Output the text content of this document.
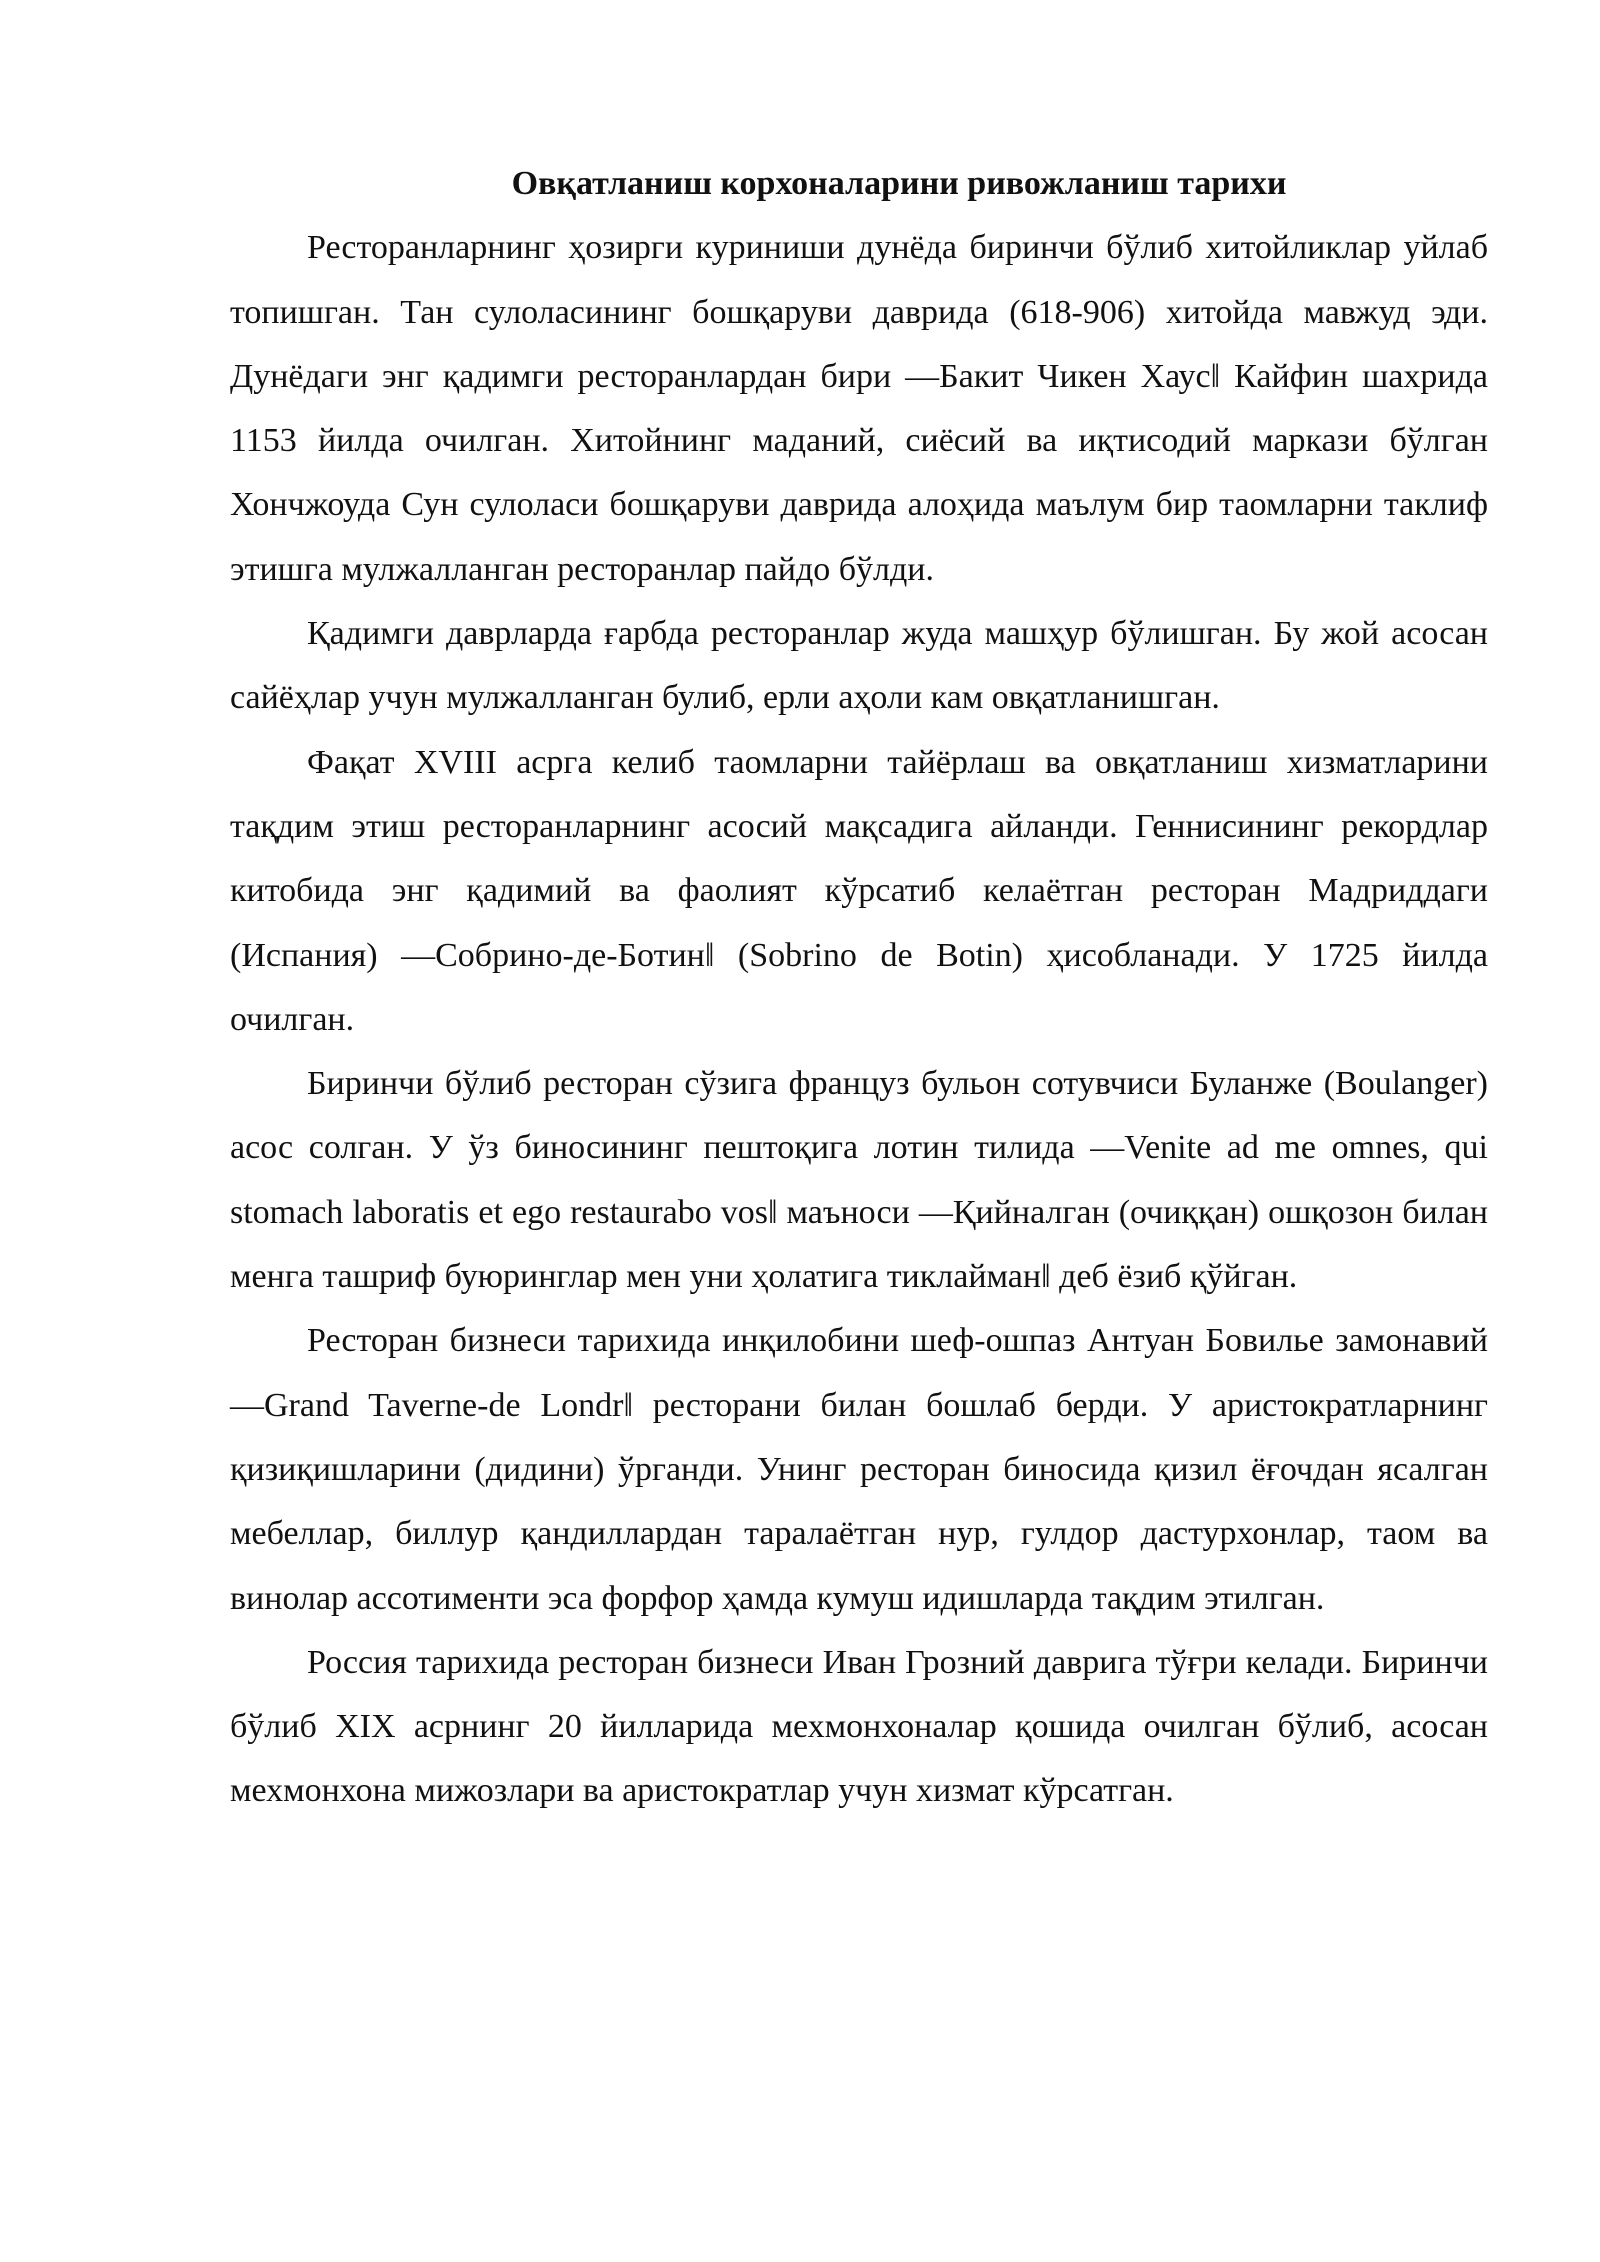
Овқатланиш корхоналарини ривожланиш тарихи

Ресторанларнинг ҳозирги куриниши дунёда биринчи бўлиб хитойликлар уйлаб топишган. Тан сулоласининг бошқаруви даврида (618-906) хитойда мавжуд эди. Дунёдаги энг қадимги ресторанлардан бири ―Бакит Чикен Хаус‖ Кайфин шахрида 1153 йилда очилган. Хитойнинг маданий, сиёсий ва иқтисодий маркази бўлган Хончжоуда Сун сулоласи бошқаруви даврида алоҳида маълум бир таомларни таклиф этишга мулжалланган ресторанлар пайдо бўлди.

Қадимги даврларда ғарбда ресторанлар жуда машҳур бўлишган. Бу жой асосан сайёҳлар учун мулжалланган булиб, ерли аҳоли кам овқатланишган.

Фақат XVIII асрга келиб таомларни тайёрлаш ва овқатланиш хизматларини тақдим этиш ресторанларнинг асосий мақсадига айланди. Геннисининг рекордлар китобида энг қадимий ва фаолият кўрсатиб келаётган ресторан Мадриддаги (Испания) ―Собрино-де-Ботин‖ (Sobrino de Botin) ҳисобланади. У 1725 йилда очилган.

Биринчи бўлиб ресторан сўзига француз бульон сотувчиси Буланже (Boulanger) асос солган. У ўз биносининг пештоқига лотин тилида ―Venite ad me omnes, qui stomach laboratis et ego restaurabo vos‖ маъноси ―Қийналган (очиққан) ошқозон билан менга ташриф буюринглар мен уни ҳолатига тиклайман‖ деб ёзиб қўйган.

Ресторан бизнеси тарихида инқилобини шеф-ошпаз Антуан Бовилье замонавий ―Grand Taverne-de Londr‖ ресторани билан бошлаб берди. У аристократларнинг қизиқишларини (дидини) ўрганди. Унинг ресторан биносида қизил ёғочдан ясалган мебеллар, биллур қандиллардан таралаётган нур, гулдор дастурхонлар, таом ва винолар ассотименти эса форфор ҳамда кумуш идишларда тақдим этилган.

Россия тарихида ресторан бизнеси Иван Грозний даврига тўғри келади. Биринчи бўлиб XIX асрнинг 20 йилларида мехмонхоналар қошида очилган бўлиб, асосан мехмонхона мижозлари ва аристократлар учун хизмат кўрсатган.
